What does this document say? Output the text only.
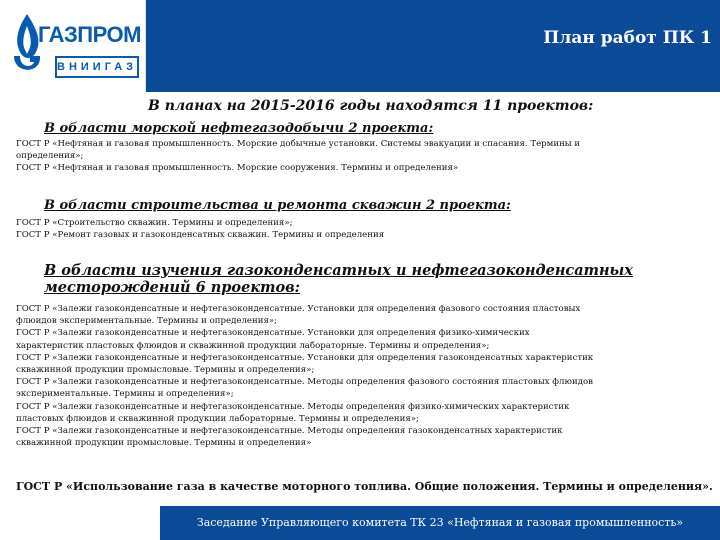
ГАЗПРОМ
ВНИИГАЗ
План работ ПК 1
В планах на 2015-2016 годы находятся 11 проектов:
В области морской нефтегазодобычи 2 проекта:
ГОСТ Р «Нефтяная и газовая промышленность. Морские добычные установки. Системы эвакуации и спасания. Термины и
определения»;
ГОСТ Р «Нефтяная и газовая промышленность. Морские сооружения. Термины и определения»
В области строительства и ремонта скважин 2 проекта:
ГОСТ Р «Строительство скважин. Термины и определения»;
ГОСТ Р «Ремонт газовых и газоконденсатных скважин. Термины и определения
В области изучения газоконденсатных и нефтегазоконденсатных
месторождений 6 проектов:
ГОСТ Р «Залежи газоконденсатные и нефтегазоконденсатные. Установки для определения фазового состояния пластовых
флюидов экспериментальные. Термины и определения»;
ГОСТ Р «Залежи газоконденсатные и нефтегазоконденсатные. Установки для определения физико-химических
характеристик пластовых флюидов и скважинной продукции лабораторные. Термины и определения»;
ГОСТ Р «Залежи газоконденсатные и нефтегазоконденсатные. Установки для определения газоконденсатных характеристик
скважинной продукции промысловые. Термины и определения»;
ГОСТ Р «Залежи газоконденсатные и нефтегазоконденсатные. Методы определения фазового состояния пластовых флюидов
экспериментальные. Термины и определения»;
ГОСТ Р «Залежи газоконденсатные и нефтегазоконденсатные. Методы определения физико-химических характеристик
пластовых флюидов и скважинной продукции лабораторные. Термины и определения»;
ГОСТ Р «Залежи газоконденсатные и нефтегазоконденсатные. Методы определения газоконденсатных характеристик
скважинной продукции промысловые. Термины и определения»
ГОСТ Р «Использование газа в качестве моторного топлива. Общие положения. Термины и определения».
Заседание Управляющего комитета ТК 23 «Нефтяная и газовая промышленность»
